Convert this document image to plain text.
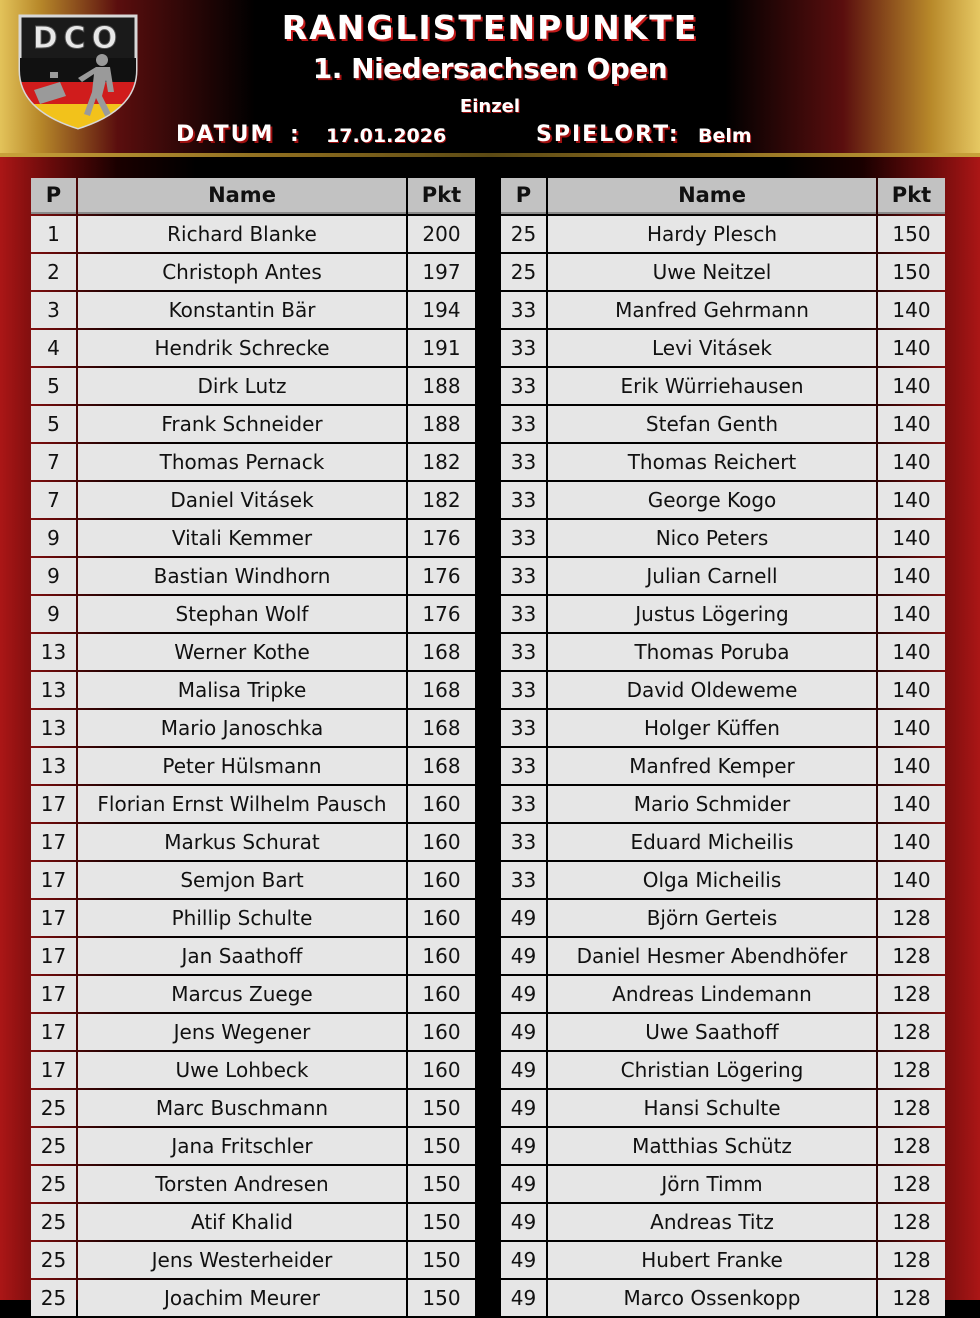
DCO	RANGLISTENPUNKTE
1. Niedersachsen Open
Einzel
DATUM : 17.01.2026	SPIELORT: Belm
P	Name	Pkt
1	Richard Blanke	200
2	Christoph Antes	197
3	Konstantin Bär	194
4	Hendrik Schrecke	191
5	Dirk Lutz	188
5	Frank Schneider	188
7	Thomas Pernack	182
7	Daniel Vitásek	182
9	Vitali Kemmer	176
9	Bastian Windhorn	176
9	Stephan Wolf	176
13	Werner Kothe	168
13	Malisa Tripke	168
13	Mario Janoschka	168
13	Peter Hülsmann	168
17	Florian Ernst Wilhelm Pausch	160
17	Markus Schurat	160
17	Semjon Bart	160
17	Phillip Schulte	160
17	Jan Saathoff	160
17	Marcus Zuege	160
17	Jens Wegener	160
17	Uwe Lohbeck	160
25	Marc Buschmann	150
25	Jana Fritschler	150
25	Torsten Andresen	150
25	Atif Khalid	150
25	Jens Westerheider	150
25	Joachim Meurer	150
P	Name	Pkt
25	Hardy Plesch	150
25	Uwe Neitzel	150
33	Manfred Gehrmann	140
33	Levi Vitásek	140
33	Erik Würriehausen	140
33	Stefan Genth	140
33	Thomas Reichert	140
33	George Kogo	140
33	Nico Peters	140
33	Julian Carnell	140
33	Justus Lögering	140
33	Thomas Poruba	140
33	David Oldeweme	140
33	Holger Küffen	140
33	Manfred Kemper	140
33	Mario Schmider	140
33	Eduard Micheilis	140
33	Olga Micheilis	140
49	Björn Gerteis	128
49	Daniel Hesmer Abendhöfer	128
49	Andreas Lindemann	128
49	Uwe Saathoff	128
49	Christian Lögering	128
49	Hansi Schulte	128
49	Matthias Schütz	128
49	Jörn Timm	128
49	Andreas Titz	128
49	Hubert Franke	128
49	Marco Ossenkopp	128
